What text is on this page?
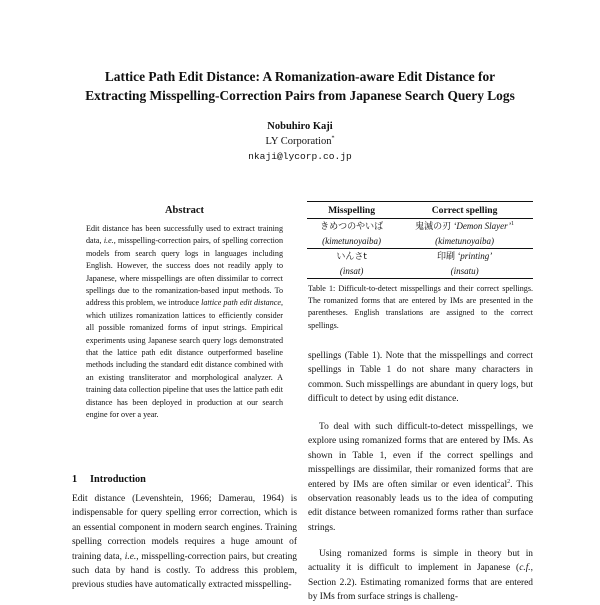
Lattice Path Edit Distance: A Romanization-aware Edit Distance for
Extracting Misspelling-Correction Pairs from Japanese Search Query Logs
Nobuhiro Kaji
LY Corporation*
nkaji@lycorp.co.jp
Abstract
Edit distance has been successfully used to extract training data, i.e., misspelling-correction pairs, of spelling correction models from search query logs in languages including English. However, the success does not readily apply to Japanese, where misspellings are often dissimilar to correct spellings due to the romanization-based input methods. To address this problem, we introduce lattice path edit distance, which utilizes romanization lattices to efficiently consider all possible romanized forms of input strings. Empirical experiments using Japanese search query logs demonstrated that the lattice path edit distance outperformed baseline methods including the standard edit distance combined with an existing transliterator and morphological analyzer. A training data collection pipeline that uses the lattice path edit distance has been deployed in production at our search engine for over a year.
1 Introduction
Edit distance (Levenshtein, 1966; Damerau, 1964) is indispensable for query spelling error correction, which is an essential component in modern search engines. Training spelling correction models requires a huge amount of training data, i.e., misspelling-correction pairs, but creating such data by hand is costly. To address this problem, previous studies have automatically extracted misspelling-
Misspelling	Correct spelling
きめつのやいば	鬼滅の刃 ‘Demon Slayer’$^1$
(kimetunoyaiba)	(kimetunoyaiba)
いんさt	印刷 ‘printing’
(insat)	(insatu)
Table 1: Difficult-to-detect misspellings and their correct spellings. The romanized forms that are entered by IMs are presented in the parentheses. English translations are assigned to the correct spellings.
spellings (Table 1). Note that the misspellings and correct spellings in Table 1 do not share many characters in common. Such misspellings are abundant in query logs, but difficult to detect by using edit distance.
To deal with such difficult-to-detect misspellings, we explore using romanized forms that are entered by IMs. As shown in Table 1, even if the correct spellings and misspellings are dissimilar, their romanized forms that are entered by IMs are often similar or even identical$^2$. This observation reasonably leads us to the idea of computing edit distance between romanized forms rather than surface strings.
Using romanized forms is simple in theory but in actuality it is difficult to implement in Japanese (c.f., Section 2.2). Estimating romanized forms that are entered by IMs from surface strings is challeng-
